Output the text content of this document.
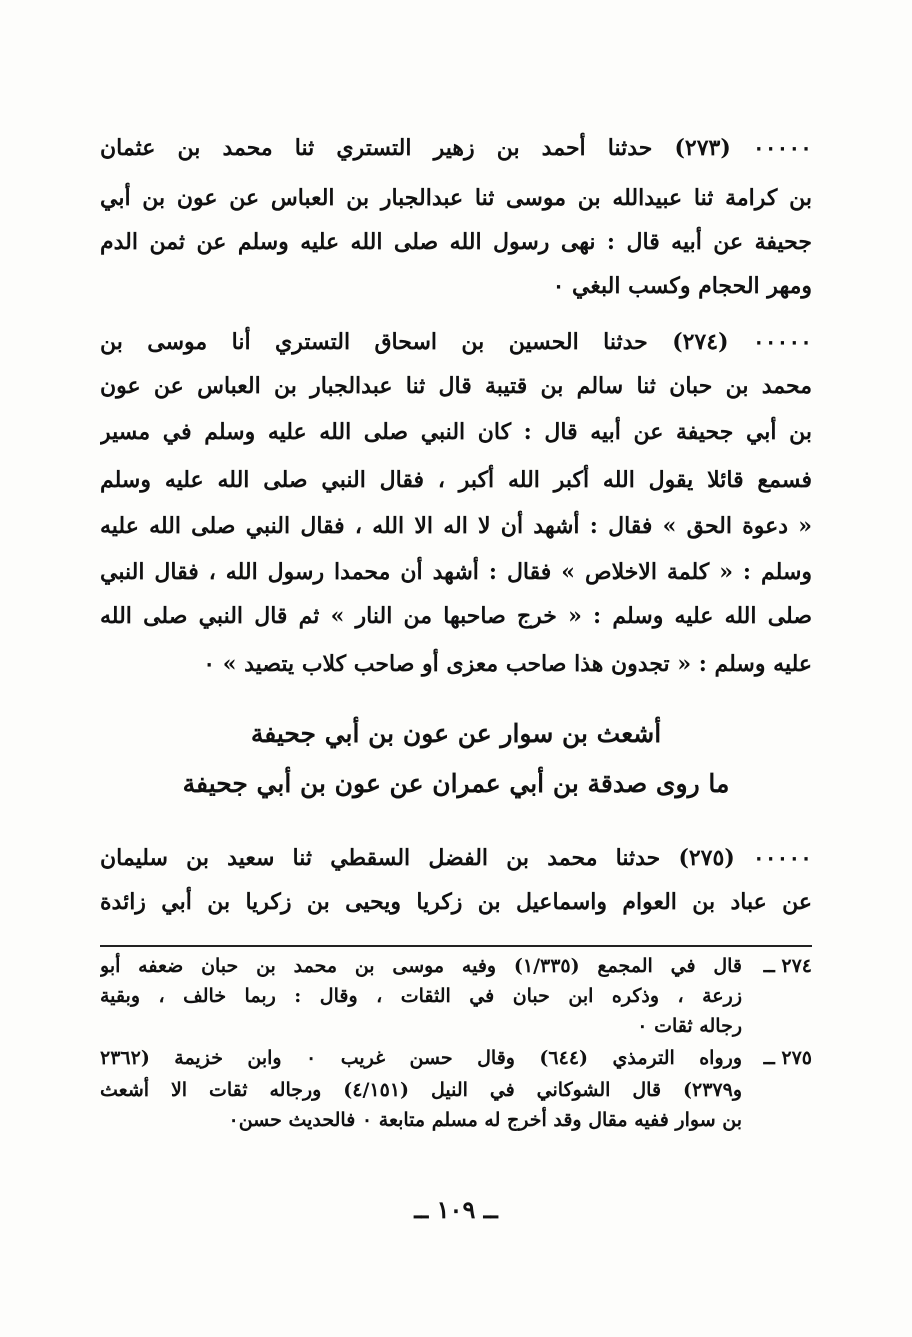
٠٠٠٠٠ (٢٧٣) حدثنا أحمد بن زهير التستري ثنا محمد بن عثمان
بن كرامة ثنا عبيدالله بن موسى ثنا عبدالجبار بن العباس عن عون بن أبي
جحيفة عن أبيه قال : نهى رسول الله صلى الله عليه وسلم عن ثمن الدم
ومهر الحجام وكسب البغي ٠
٠٠٠٠٠ (٢٧٤) حدثنا الحسين بن اسحاق التستري أنا موسى بن
محمد بن حبان ثنا سالم بن قتيبة قال ثنا عبدالجبار بن العباس عن عون
بن أبي جحيفة عن أبيه قال : كان النبي صلى الله عليه وسلم في مسير
فسمع قائلا يقول الله أكبر الله أكبر ، فقال النبي صلى الله عليه وسلم
« دعوة الحق » فقال : أشهد أن لا اله الا الله ، فقال النبي صلى الله عليه
وسلم : « كلمة الاخلاص » فقال : أشهد أن محمدا رسول الله ، فقال النبي
صلى الله عليه وسلم : « خرج صاحبها من النار » ثم قال النبي صلى الله
عليه وسلم : « تجدون هذا صاحب معزى أو صاحب كلاب يتصيد » ٠
أشعث بن سوار عن عون بن أبي جحيفة
ما روى صدقة بن أبي عمران عن عون بن أبي جحيفة
٠٠٠٠٠ (٢٧٥) حدثنا محمد بن الفضل السقطي ثنا سعيد بن سليمان
عن عباد بن العوام واسماعيل بن زكريا ويحيى بن زكريا بن أبي زائدة
٢٧٤ ــ
قال في المجمع (١/٣٣٥) وفيه موسى بن محمد بن حبان ضعفه أبو
زرعة ، وذكره ابن حبان في الثقات ، وقال : ربما خالف ، وبقية
رجاله ثقات ٠
٢٧٥ ــ
ورواه الترمذي (٦٤٤) وقال حسن غريب ٠ وابن خزيمة (٢٣٦٢
و٢٣٧٩) قال الشوكاني في النيل (٤/١٥١) ورجاله ثقات الا أشعث
بن سوار ففيه مقال وقد أخرج له مسلم متابعة ٠ فالحديث حسن٠
ــ ١٠٩ ــ
